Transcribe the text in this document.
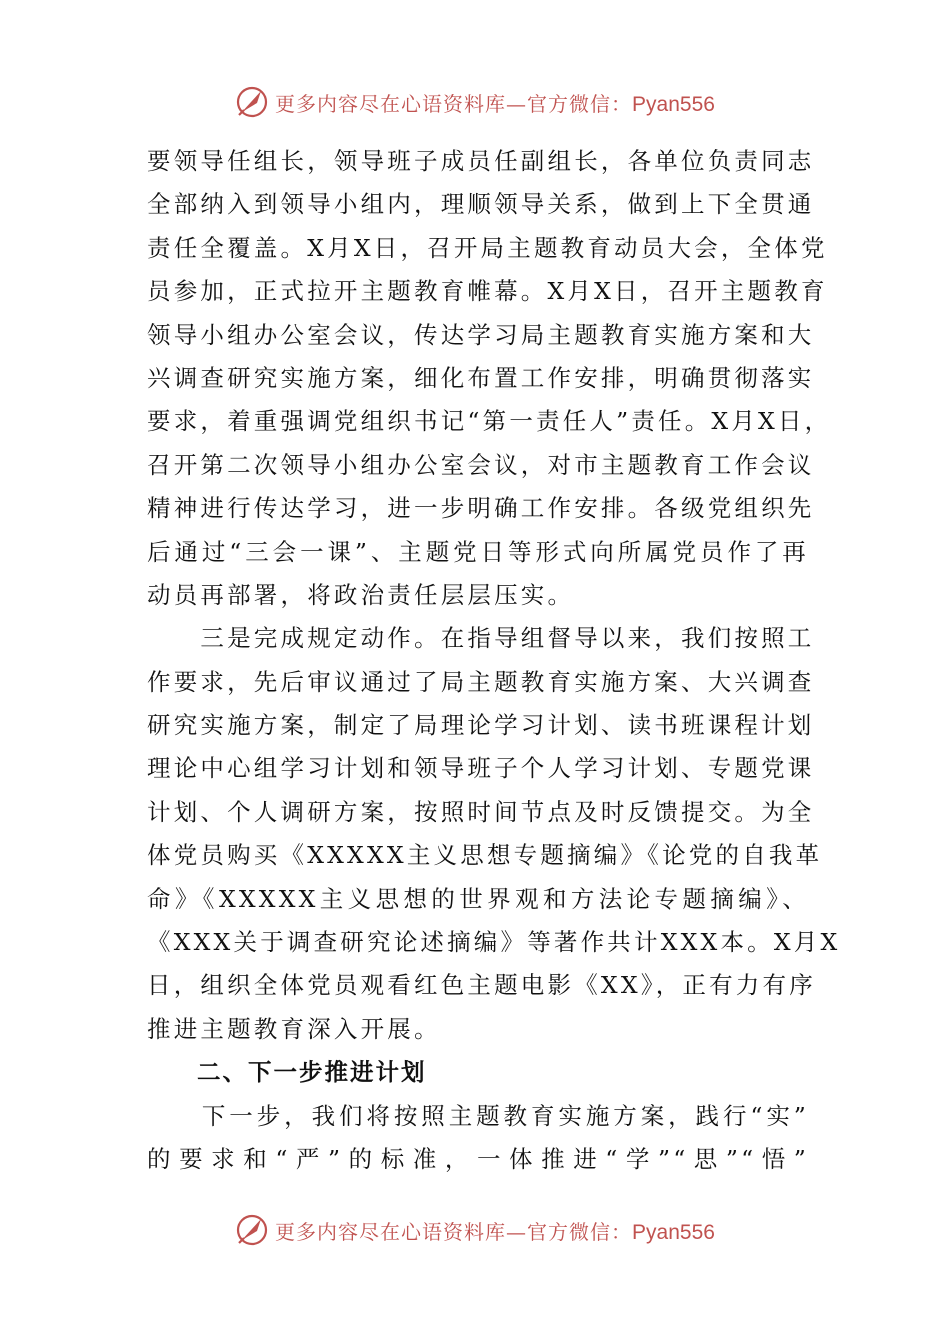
更多内容尽在心语资料库—官方微信：Pyan556
要领导任组长，领导班子成员任副组长，各单位负责同志
全部纳入到领导小组内，理顺领导关系，做到上下全贯通
责任全覆盖。X月X日，召开局主题教育动员大会，全体党
员参加，正式拉开主题教育帷幕。X月X日，召开主题教育
领导小组办公室会议，传达学习局主题教育实施方案和大
兴调查研究实施方案，细化布置工作安排，明确贯彻落实
要求，着重强调党组织书记“第一责任人”责任。X月X日，
召开第二次领导小组办公室会议，对市主题教育工作会议
精神进行传达学习，进一步明确工作安排。各级党组织先
后通过“三会一课”、主题党日等形式向所属党员作了再
动员再部署，将政治责任层层压实。
　　三是完成规定动作。在指导组督导以来，我们按照工
作要求，先后审议通过了局主题教育实施方案、大兴调查
研究实施方案，制定了局理论学习计划、读书班课程计划
理论中心组学习计划和领导班子个人学习计划、专题党课
计划、个人调研方案，按照时间节点及时反馈提交。为全
体党员购买《XXXXX主义思想专题摘编》《论党的自我革
命》《XXXXX主义思想的世界观和方法论专题摘编》、
《XXX关于调查研究论述摘编》等著作共计XXX本。X月X
日，组织全体党员观看红色主题电影《XX》，正有力有序
推进主题教育深入开展。
二、下一步推进计划
　　下一步，我们将按照主题教育实施方案，践行“实”
的要求和“严”的标准，一体推进“学”“思”“悟”
更多内容尽在心语资料库—官方微信：Pyan556
